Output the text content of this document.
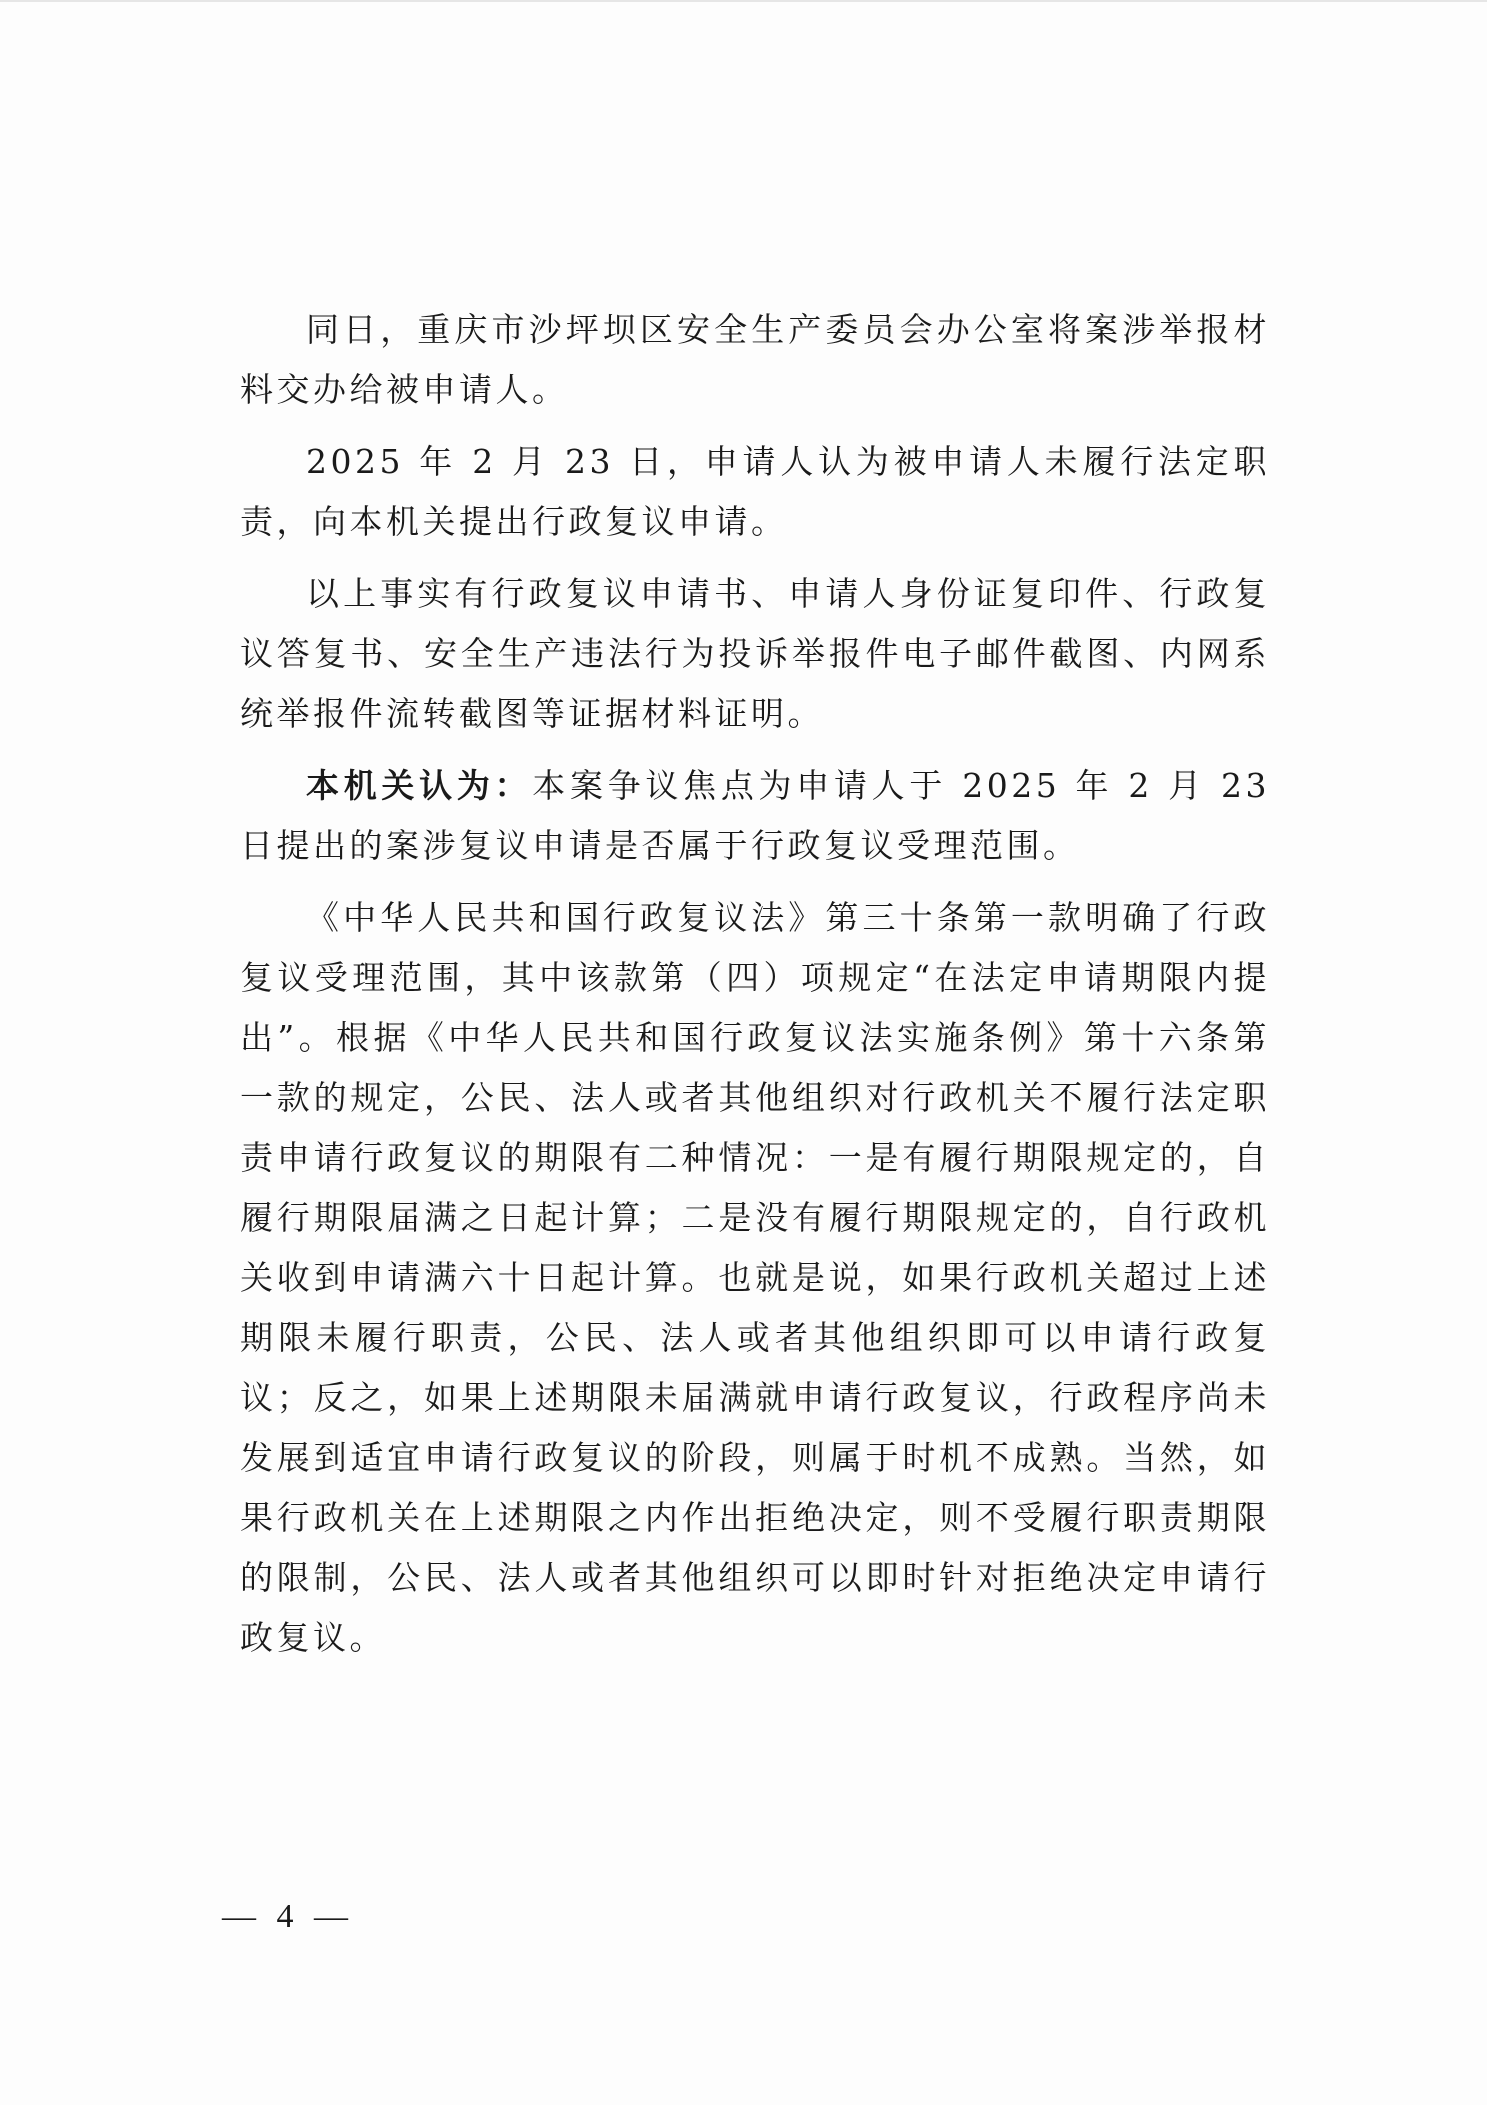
同日，重庆市沙坪坝区安全生产委员会办公室将案涉举报材料交办给被申请人。

2025 年 2 月 23 日，申请人认为被申请人未履行法定职责，向本机关提出行政复议申请。

以上事实有行政复议申请书、申请人身份证复印件、行政复议答复书、安全生产违法行为投诉举报件电子邮件截图、内网系统举报件流转截图等证据材料证明。

本机关认为：本案争议焦点为申请人于 2025 年 2 月 23 日提出的案涉复议申请是否属于行政复议受理范围。

《中华人民共和国行政复议法》第三十条第一款明确了行政复议受理范围，其中该款第（四）项规定“在法定申请期限内提出”。根据《中华人民共和国行政复议法实施条例》第十六条第一款的规定，公民、法人或者其他组织对行政机关不履行法定职责申请行政复议的期限有二种情况：一是有履行期限规定的，自履行期限届满之日起计算；二是没有履行期限规定的，自行政机关收到申请满六十日起计算。也就是说，如果行政机关超过上述期限未履行职责，公民、法人或者其他组织即可以申请行政复议；反之，如果上述期限未届满就申请行政复议，行政程序尚未发展到适宜申请行政复议的阶段，则属于时机不成熟。当然，如果行政机关在上述期限之内作出拒绝决定，则不受履行职责期限的限制，公民、法人或者其他组织可以即时针对拒绝决定申请行政复议。

— 4 —
